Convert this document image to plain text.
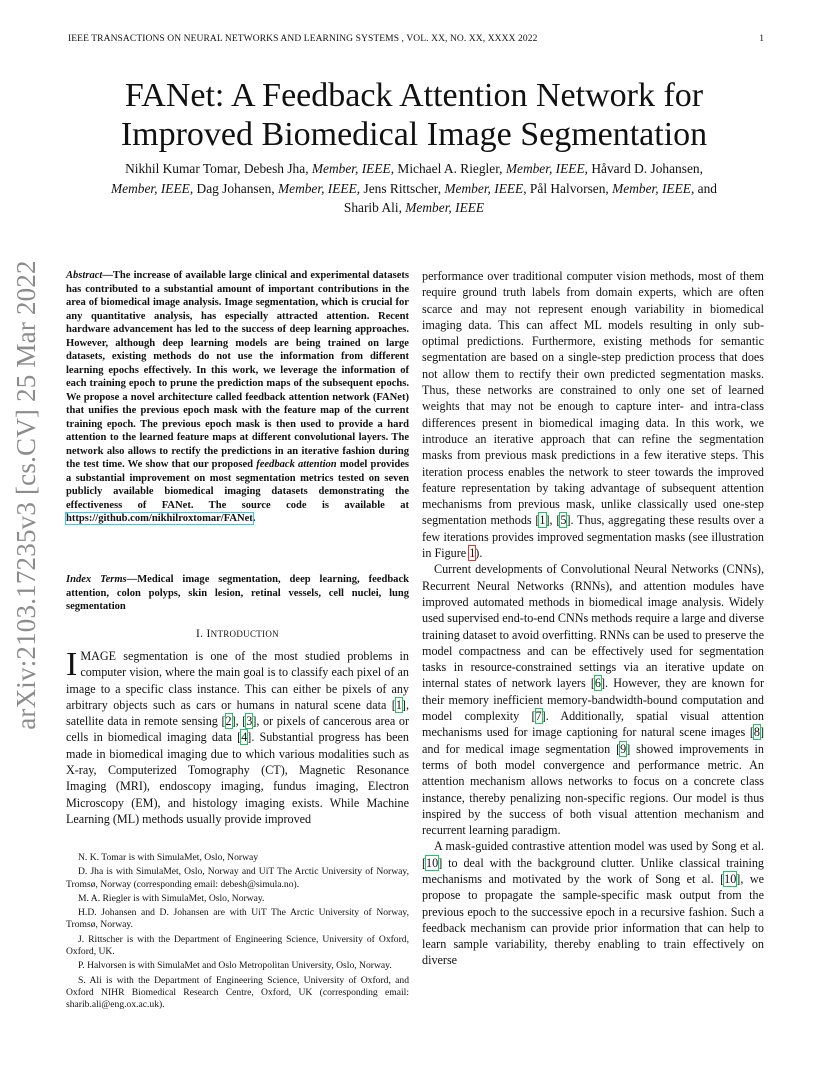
IEEE TRANSACTIONS ON NEURAL NETWORKS AND LEARNING SYSTEMS , VOL. XX, NO. XX, XXXX 2022	1
FANet: A Feedback Attention Network for
Improved Biomedical Image Segmentation
Nikhil Kumar Tomar, Debesh Jha, Member, IEEE, Michael A. Riegler, Member, IEEE, Håvard D. Johansen,
Member, IEEE, Dag Johansen, Member, IEEE, Jens Rittscher, Member, IEEE, Pål Halvorsen, Member, IEEE, and
Sharib Ali, Member, IEEE
arXiv:2103.17235v3 [cs.CV] 25 Mar 2022 Abstract—The increase of available large clinical and experimental datasets has contributed to a substantial amount of important contributions in the area of biomedical image analysis. Image segmentation, which is crucial for any quantitative analysis, has especially attracted attention. Recent hardware advancement has led to the success of deep learning approaches. However, although deep learning models are being trained on large datasets, existing methods do not use the information from different learning epochs effectively. In this work, we leverage the information of each training epoch to prune the prediction maps of the subsequent epochs. We propose a novel architecture called feedback attention network (FANet) that unifies the previous epoch mask with the feature map of the current training epoch. The previous epoch mask is then used to provide a hard attention to the learned feature maps at different convolutional layers. The network also allows to rectify the predictions in an iterative fashion during the test time. We show that our proposed feedback attention model provides a substantial improvement on most segmentation metrics tested on seven publicly available biomedical imaging datasets demonstrating the effectiveness of FANet. The source code is available at https://github.com/nikhilroxtomar/FANet.
Index Terms—Medical image segmentation, deep learning, feedback attention, colon polyps, skin lesion, retinal vessels, cell nuclei, lung segmentation
I. INTRODUCTION
IMAGE segmentation is one of the most studied problems in computer vision, where the main goal is to classify each pixel of an image to a specific class instance. This can either be pixels of any arbitrary objects such as cars or humans in natural scene data [1], satellite data in remote sensing [2], [3], or pixels of cancerous area or cells in biomedical imaging data [4]. Substantial progress has been made in biomedical imaging due to which various modalities such as X-ray, Computerized Tomography (CT), Magnetic Resonance Imaging (MRI), endoscopy imaging, fundus imaging, Electron Microscopy (EM), and histology imaging exists. While Machine Learning (ML) methods usually provide improved

N. K. Tomar is with SimulaMet, Oslo, Norway

D. Jha is with SimulaMet, Oslo, Norway and UiT The Arctic University of Norway, Tromsø, Norway (corresponding email: debesh@simula.no).

M. A. Riegler is with SimulaMet, Oslo, Norway.

H.D. Johansen and D. Johansen are with UiT The Arctic University of Norway, Tromsø, Norway.

J. Rittscher is with the Department of Engineering Science, University of Oxford, Oxford, UK.

P. Halvorsen is with SimulaMet and Oslo Metropolitan University, Oslo, Norway.

S. Ali is with the Department of Engineering Science, University of Oxford, and Oxford NIHR Biomedical Research Centre, Oxford, UK (corresponding email: sharib.ali@eng.ox.ac.uk).

performance over traditional computer vision methods, most of them require ground truth labels from domain experts, which are often scarce and may not represent enough variability in biomedical imaging data. This can affect ML models resulting in only sub-optimal predictions. Furthermore, existing methods for semantic segmentation are based on a single-step prediction process that does not allow them to rectify their own predicted segmentation masks. Thus, these networks are constrained to only one set of learned weights that may not be enough to capture inter- and intra-class differences present in biomedical imaging data. In this work, we introduce an iterative approach that can refine the segmentation masks from previous mask predictions in a few iterative steps. This iteration process enables the network to steer towards the improved feature representation by taking advantage of subsequent attention mechanisms from previous mask, unlike classically used one-step segmentation methods [1], [5]. Thus, aggregating these results over a few iterations provides improved segmentation masks (see illustration in Figure 1).

Current developments of Convolutional Neural Networks (CNNs), Recurrent Neural Networks (RNNs), and attention modules have improved automated methods in biomedical image analysis. Widely used supervised end-to-end CNNs methods require a large and diverse training dataset to avoid overfitting. RNNs can be used to preserve the model compactness and can be effectively used for segmentation tasks in resource-constrained settings via an iterative update on internal states of network layers [6]. However, they are known for their memory inefficient memory-bandwidth-bound computation and model complexity [7]. Additionally, spatial visual attention mechanisms used for image captioning for natural scene images [8] and for medical image segmentation [9] showed improvements in terms of both model convergence and performance metric. An attention mechanism allows networks to focus on a concrete class instance, thereby penalizing non-specific regions. Our model is thus inspired by the success of both visual attention mechanism and recurrent learning paradigm.

A mask-guided contrastive attention model was used by Song et al. [10] to deal with the background clutter. Unlike classical training mechanisms and motivated by the work of Song et al. [10], we propose to propagate the sample-specific mask output from the previous epoch to the successive epoch in a recursive fashion. Such a feedback mechanism can provide prior information that can help to learn sample variability, thereby enabling to train effectively on diverse
